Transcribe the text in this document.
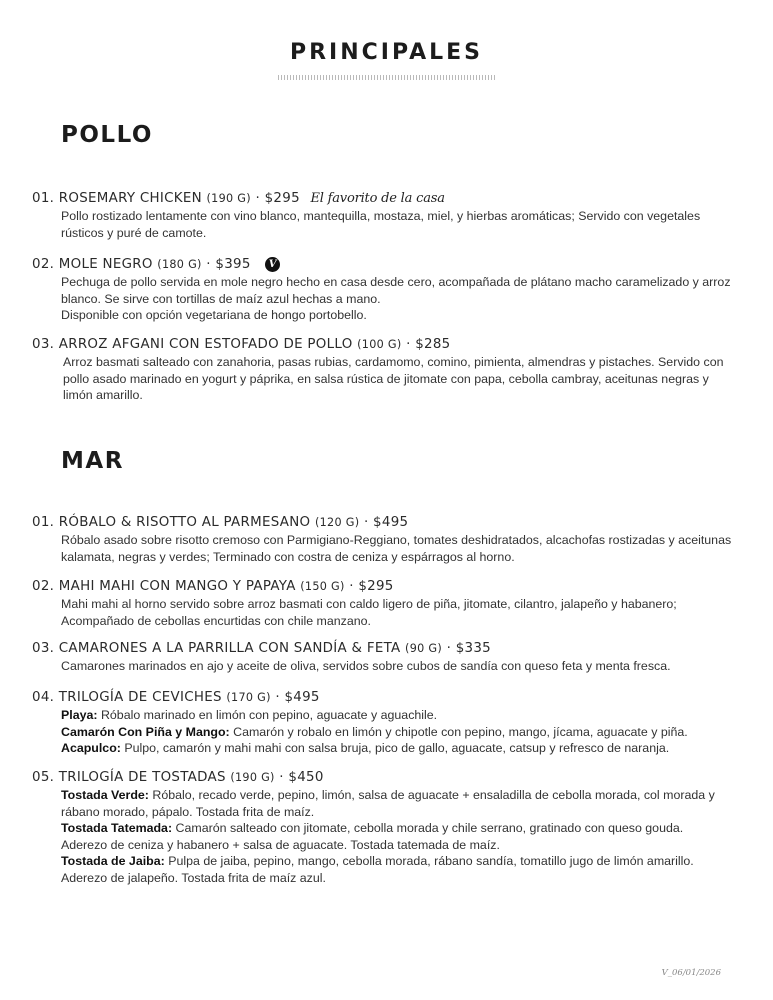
PRINCIPALES
POLLO
01. ROSEMARY CHICKEN (190 G) · $295 El favorito de la casa
Pollo rostizado lentamente con vino blanco, mantequilla, mostaza, miel, y hierbas aromáticas; Servido con vegetales rústicos y puré de camote.
02. MOLE NEGRO (180 G) · $395 V
Pechuga de pollo servida en mole negro hecho en casa desde cero, acompañada de plátano macho caramelizado y arroz blanco. Se sirve con tortillas de maíz azul hechas a mano.
Disponible con opción vegetariana de hongo portobello.
03. ARROZ AFGANI CON ESTOFADO DE POLLO (100 G) · $285
Arroz basmati salteado con zanahoria, pasas rubias, cardamomo, comino, pimienta, almendras y pistaches. Servido con pollo asado marinado en yogurt y páprika, en salsa rústica de jitomate con papa, cebolla cambray, aceitunas negras y limón amarillo.
MAR
01. RÓBALO & RISOTTO AL PARMESANO (120 G) · $495
Róbalo asado sobre risotto cremoso con Parmigiano-Reggiano, tomates deshidratados, alcachofas rostizadas y aceitunas kalamata, negras y verdes; Terminado con costra de ceniza y espárragos al horno.
02. MAHI MAHI CON MANGO Y PAPAYA (150 G) · $295
Mahi mahi al horno servido sobre arroz basmati con caldo ligero de piña, jitomate, cilantro, jalapeño y habanero; Acompañado de cebollas encurtidas con chile manzano.
03. CAMARONES A LA PARRILLA CON SANDÍA & FETA (90 G) · $335
Camarones marinados en ajo y aceite de oliva, servidos sobre cubos de sandía con queso feta y menta fresca.
04. TRILOGÍA DE CEVICHES (170 G) · $495
Playa: Róbalo marinado en limón con pepino, aguacate y aguachile.
Camarón Con Piña y Mango: Camarón y robalo en limón y chipotle con pepino, mango, jícama, aguacate y piña.
Acapulco: Pulpo, camarón y mahi mahi con salsa bruja, pico de gallo, aguacate, catsup y refresco de naranja.
05. TRILOGÍA DE TOSTADAS (190 G) · $450
Tostada Verde: Róbalo, recado verde, pepino, limón, salsa de aguacate + ensaladilla de cebolla morada, col morada y rábano morado, pápalo. Tostada frita de maíz.
Tostada Tatemada: Camarón salteado con jitomate, cebolla morada y chile serrano, gratinado con queso gouda. Aderezo de ceniza y habanero + salsa de aguacate. Tostada tatemada de maíz.
Tostada de Jaiba: Pulpa de jaiba, pepino, mango, cebolla morada, rábano sandía, tomatillo jugo de limón amarillo. Aderezo de jalapeño. Tostada frita de maíz azul.
V_06/01/2026
